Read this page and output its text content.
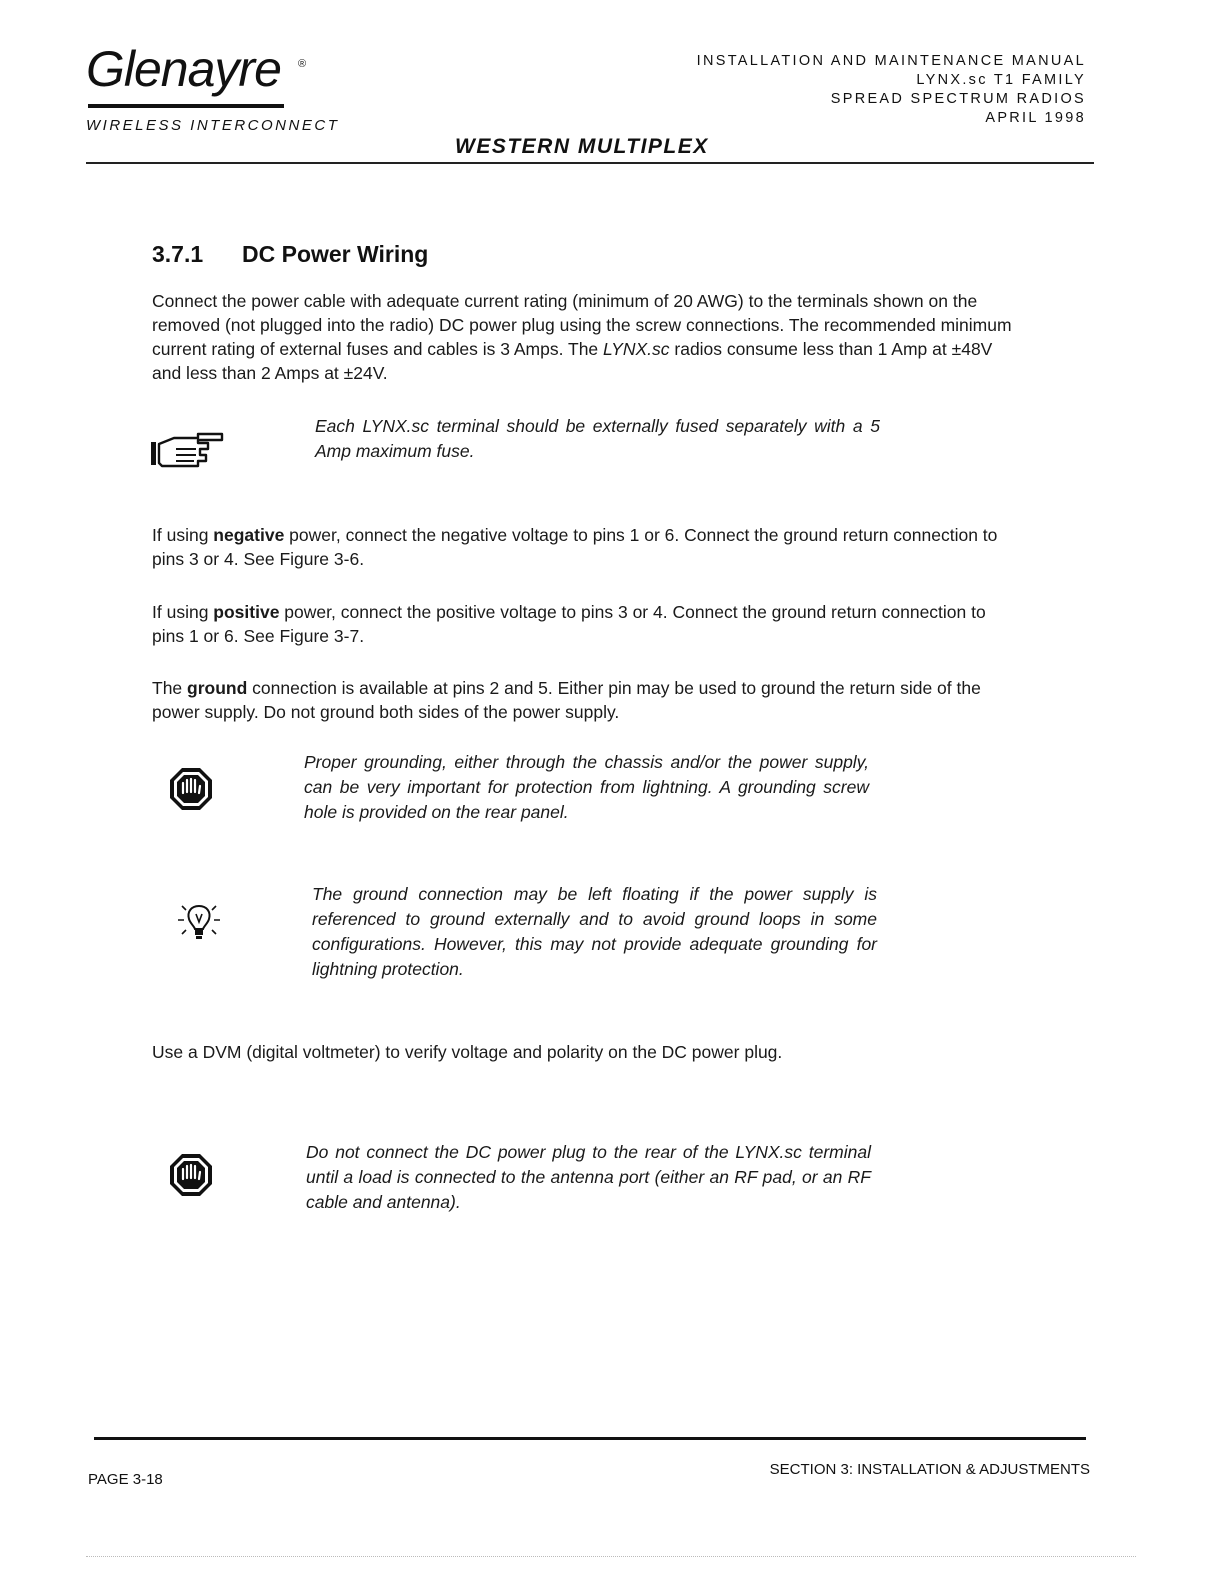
Glenayre ®
WIRELESS INTERCONNECT
INSTALLATION AND MAINTENANCE MANUAL
LYNX.sc T1 FAMILY
SPREAD SPECTRUM RADIOS
APRIL 1998
WESTERN MULTIPLEX
3.7.1 DC Power Wiring
Connect the power cable with adequate current rating (minimum of 20 AWG) to the terminals shown on the removed (not plugged into the radio) DC power plug using the screw connections. The recommended minimum current rating of external fuses and cables is 3 Amps. The LYNX.sc radios consume less than 1 Amp at ±48V and less than 2 Amps at ±24V.
Each LYNX.sc terminal should be externally fused separately with a 5 Amp maximum fuse.
If using negative power, connect the negative voltage to pins 1 or 6. Connect the ground return connection to pins 3 or 4. See Figure 3-6.
If using positive power, connect the positive voltage to pins 3 or 4. Connect the ground return connection to pins 1 or 6. See Figure 3-7.
The ground connection is available at pins 2 and 5. Either pin may be used to ground the return side of the power supply. Do not ground both sides of the power supply.
Proper grounding, either through the chassis and/or the power supply, can be very important for protection from lightning. A grounding screw hole is provided on the rear panel.
The ground connection may be left floating if the power supply is referenced to ground externally and to avoid ground loops in some configurations. However, this may not provide adequate grounding for lightning protection.
Use a DVM (digital voltmeter) to verify voltage and polarity on the DC power plug.
Do not connect the DC power plug to the rear of the LYNX.sc terminal until a load is connected to the antenna port (either an RF pad, or an RF cable and antenna).
PAGE 3-18
SECTION 3: INSTALLATION & ADJUSTMENTS
